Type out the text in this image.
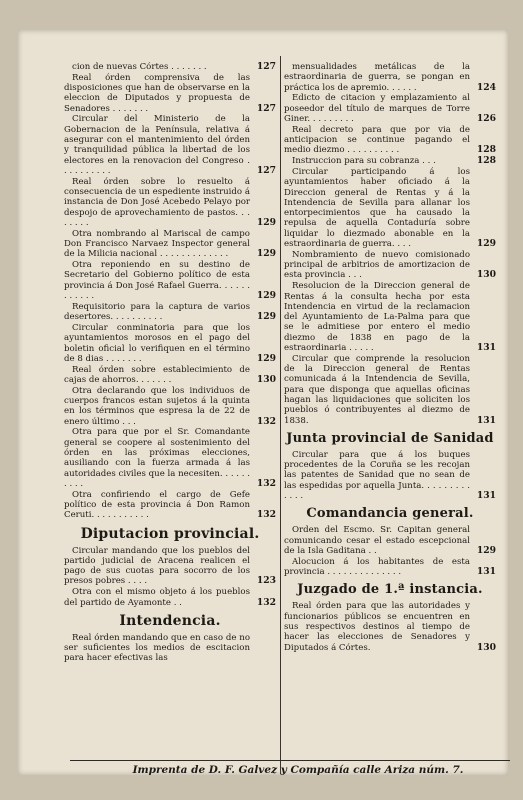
cion de nuevas Córtes . . . . . . .	127
Real órden comprensiva de las disposiciones que han de observarse en la eleccion de Diputados y propuesta de Senadores . . . . . . .	127
Circular del Ministerio de la Gobernacion de la Península, relativa á asegurar con el mantenimiento del órden y tranquilidad pública la libertad de los electores en la renovacion del Congreso . . . . . . . . . .	127
Real órden sobre lo resuelto á consecuencia de un espediente instruido á instancia de Don José Acebedo Pelayo por despojo de aprovechamiento de pastos. . . . . . . .	129
Otra nombrando al Mariscal de campo Don Francisco Narvaez Inspector general de la Milicia nacional . . . . . . . . . . . . .	129
Otra reponiendo en su destino de Secretario del Gobierno político de esta provincia á Don José Rafael Guerra. . . . . . . . . . . .	129
Requisitorio para la captura de varios desertores. . . . . . . . . .	129
Circular conminatoria para que los ayuntamientos morosos en el pago del boletin oficial lo verifiquen en el término de 8 dias . . . . . . .	129
Real órden sobre establecimiento de cajas de ahorros. . . . . . .	130
Otra declarando que los individuos de cuerpos francos estan sujetos á la quinta en los términos que espresa la de 22 de enero último . . .	132
Otra para que por el Sr. Comandante general se coopere al sostenimiento del órden en las próximas elecciones, ausiliando con la fuerza armada á las autoridades civiles que la necesiten. . . . . . . . . .	132
Otra confiriendo el cargo de Gefe político de esta provincia á Don Ramon Ceruti. . . . . . . . . . .	132
Diputacion provincial.
Circular mandando que los pueblos del partido judicial de Aracena realicen el pago de sus cuotas para socorro de los presos pobres . . . .	123
Otra con el mismo objeto á los pueblos del partido de Ayamonte . .	132
Intendencia.
Real órden mandando que en caso de no ser suficientes los medios de escitacion para hacer efectivas las
mensualidades metálicas de la estraordinaria de guerra, se pongan en práctica los de apremio. . . . . .	124
Edicto de citacion y emplazamiento al poseedor del título de marques de Torre Giner. . . . . . . . .	126
Real decreto para que por via de anticipacion se continue pagando el medio diezmo . . . . . . . . . .	128
Instruccion para su cobranza . . .	128
Circular participando á los ayuntamientos haber oficiado á la Direccion general de Rentas y á la Intendencia de Sevilla para allanar los entorpecimientos que ha causado la repulsa de aquella Contaduría sobre liquidar lo diezmado abonable en la estraordinaria de guerra. . . .	129
Nombramiento de nuevo comisionado principal de arbitrios de amortizacion de esta provincia . . .	130
Resolucion de la Direccion general de Rentas á la consulta hecha por esta Intendencia en virtud de la reclamacion del Ayuntamiento de La-Palma para que se le admitiese por entero el medio diezmo de 1838 en pago de la estraordinaria . . . . .	131
Circular que comprende la resolucion de la Direccion general de Rentas comunicada á la Intendencia de Sevilla, para que disponga que aquellas oficinas hagan las liquidaciones que soliciten los pueblos ó contribuyentes al diezmo de 1838.	131
Junta provincial de Sanidad
Circular para que á los buques procedentes de la Coruña se les recojan las patentes de Sanidad que no sean de las espedidas por aquella Junta. . . . . . . . . . . . .	131
Comandancia general.
Orden del Escmo. Sr. Capitan general comunicando cesar el estado escepcional de la Isla Gaditana . .	129
Alocucion á los habitantes de esta provincia . . . . . . . . . . . . . .	131
Juzgado de 1.ª instancia.
Real órden para que las autoridades y funcionarios públicos se encuentren en sus respectivos destinos al tiempo de hacer las elecciones de Senadores y Diputados á Córtes.	130
Imprenta de D. F. Galvez y Compañía calle Ariza núm. 7.
